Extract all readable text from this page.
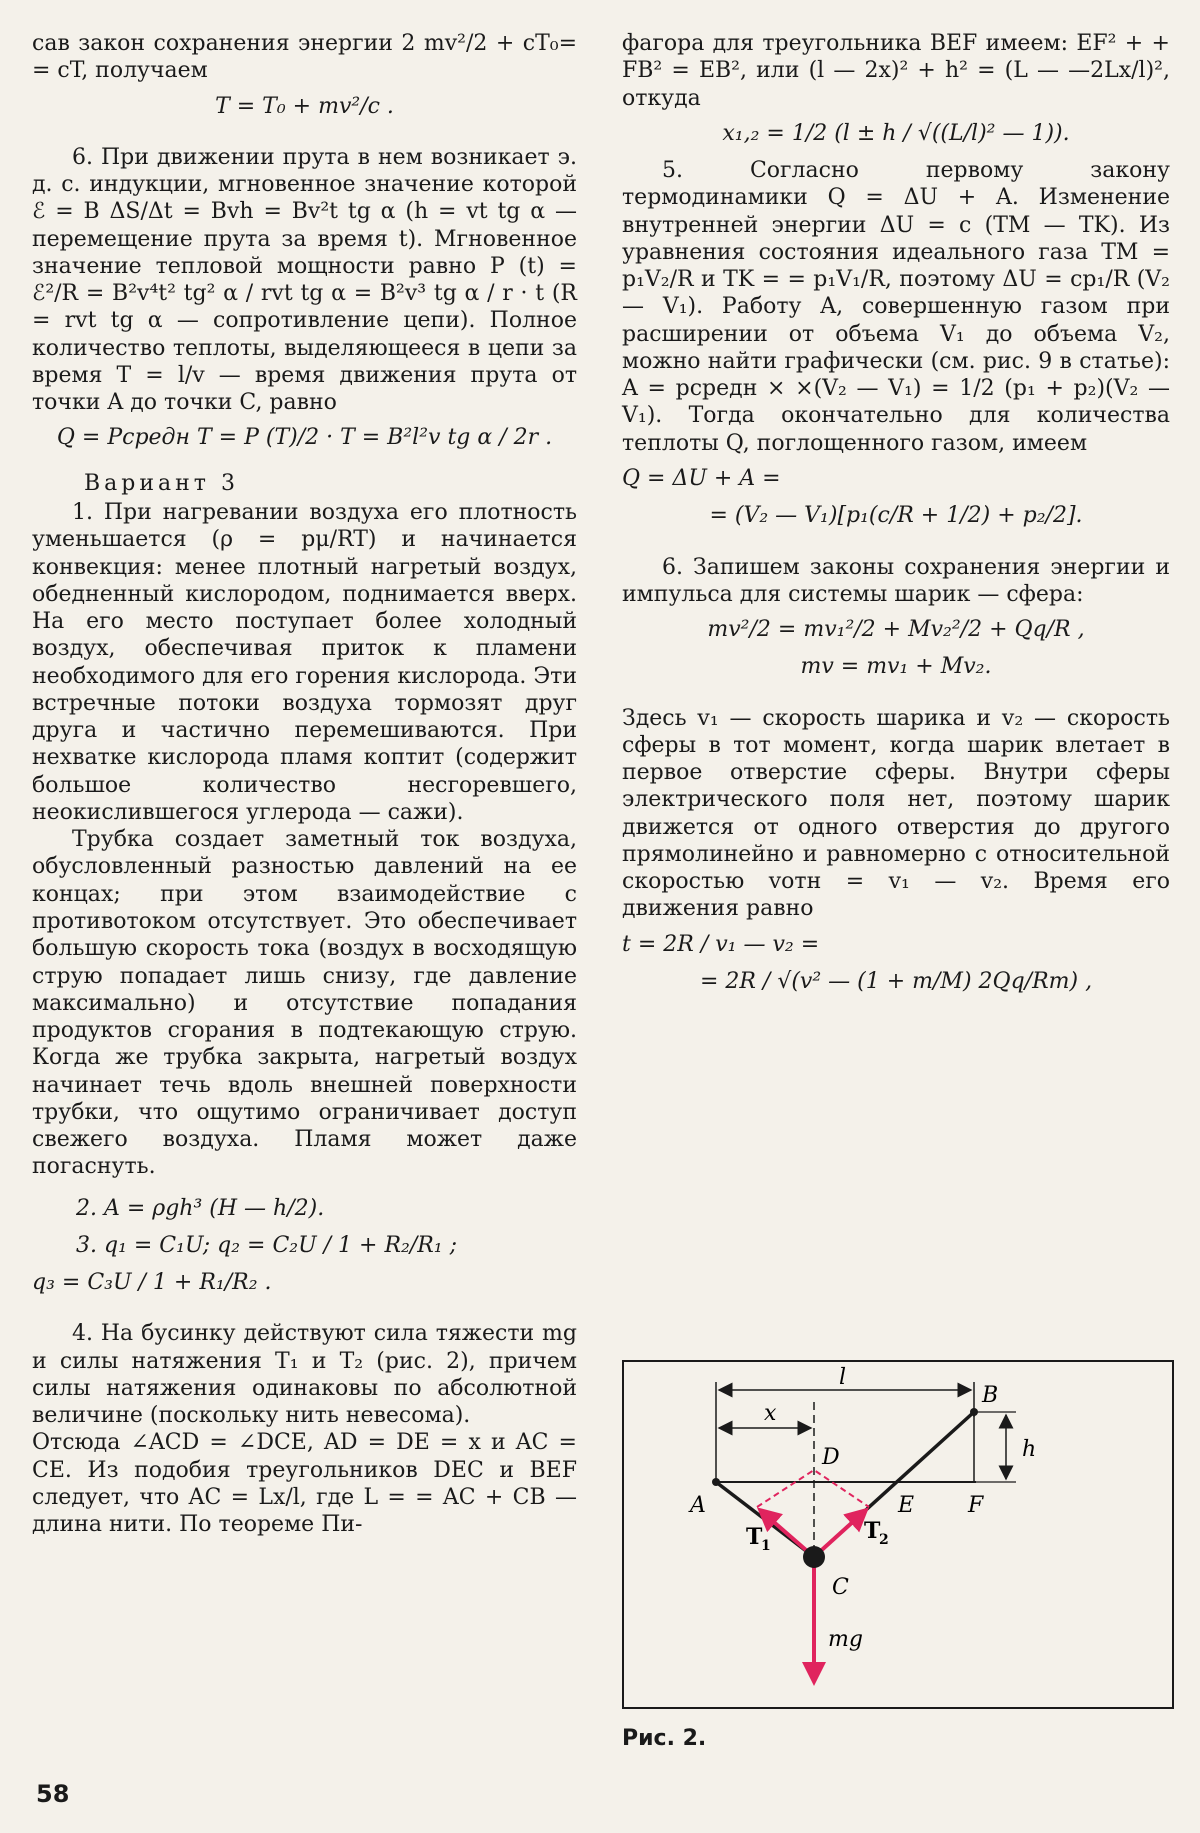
сав закон сохранения энергии 2 mv²/2 + cT₀= = cT, получаем

T = T₀ + mv²/c .

6. При движении прута в нем возникает э. д. с. индукции, мгновенное значение которой ℰ = B ΔS/Δt = Bvh = Bv²t tg α (h = vt tg α — перемещение прута за время t). Мгновенное значение тепловой мощности равно P (t) = ℰ²/R = B²v⁴t² tg² α / rvt tg α = B²v³ tg α / r · t (R = rvt tg α — сопротивление цепи). Полное количество теплоты, выделяющееся в цепи за время T = l/v — время движения прута от точки A до точки C, равно

Q = Pсредн T = P (T)/2 · T = B²l²v tg α / 2r .

Вариант 3

1. При нагревании воздуха его плотность уменьшается (ρ = pμ/RT) и начинается конвекция: менее плотный нагретый воздух, обедненный кислородом, поднимается вверх. На его место поступает более холодный воздух, обеспечивая приток к пламени необходимого для его горения кислорода. Эти встречные потоки воздуха тормозят друг друга и частично перемешиваются. При нехватке кислорода пламя коптит (содержит большое количество несгоревшего, неокислившегося углерода — сажи).

Трубка создает заметный ток воздуха, обусловленный разностью давлений на ее концах; при этом взаимодействие с противотоком отсутствует. Это обеспечивает большую скорость тока (воздух в восходящую струю попадает лишь снизу, где давление максимально) и отсутствие попадания продуктов сгорания в подтекающую струю. Когда же трубка закрыта, нагретый воздух начинает течь вдоль внешней поверхности трубки, что ощутимо ограничивает доступ свежего воздуха. Пламя может даже погаснуть.

2. A = ρgh³ (H — h/2).

3. q₁ = C₁U; q₂ = C₂U / 1 + R₂/R₁ ;

q₃ = C₃U / 1 + R₁/R₂ .

4. На бусинку действуют сила тяжести mg и силы натяжения T₁ и T₂ (рис. 2), причем силы натяжения одинаковы по абсолютной величине (поскольку нить невесома).

Отсюда ∠ACD = ∠DCE, AD = DE = x и AC = CE. Из подобия треугольников DEC и BEF следует, что AC = Lx/l, где L = = AC + CB — длина нити. По теореме Пи-

фагора для треугольника BEF имеем: EF² + + FB² = EB², или (l — 2x)² + h² = (L — —2Lx/l)², откуда

x₁,₂ = 1/2 (l ± h / √((L/l)² — 1)).

5. Согласно первому закону термодинамики Q = ΔU + A. Изменение внутренней энергии ΔU = c (TM — TK). Из уравнения состояния идеального газа TM = p₁V₂/R и TK = = p₁V₁/R, поэтому ΔU = cp₁/R (V₂ — V₁). Работу A, совершенную газом при расширении от объема V₁ до объема V₂, можно найти графически (см. рис. 9 в статье): A = pсредн × ×(V₂ — V₁) = 1/2 (p₁ + p₂)(V₂ — V₁). Тогда окончательно для количества теплоты Q, поглощенного газом, имеем

Q = ΔU + A =

= (V₂ — V₁)[p₁(c/R + 1/2) + p₂/2].

6. Запишем законы сохранения энергии и импульса для системы шарик — сфера:

mv²/2 = mv₁²/2 + Mv₂²/2 + Qq/R ,

mv = mv₁ + Mv₂.

Здесь v₁ — скорость шарика и v₂ — скорость сферы в тот момент, когда шарик влетает в первое отверстие сферы. Внутри сферы электрического поля нет, поэтому шарик движется от одного отверстия до другого прямолинейно и равномерно с относительной скоростью vотн = v₁ — v₂. Время его движения равно

t = 2R / v₁ — v₂ =

= 2R / √(v² — (1 + m/M) 2Qq/Rm) ,

l
x
h
B
D
A	E F
C
T
1
T
2
mg
Рис. 2.
58
